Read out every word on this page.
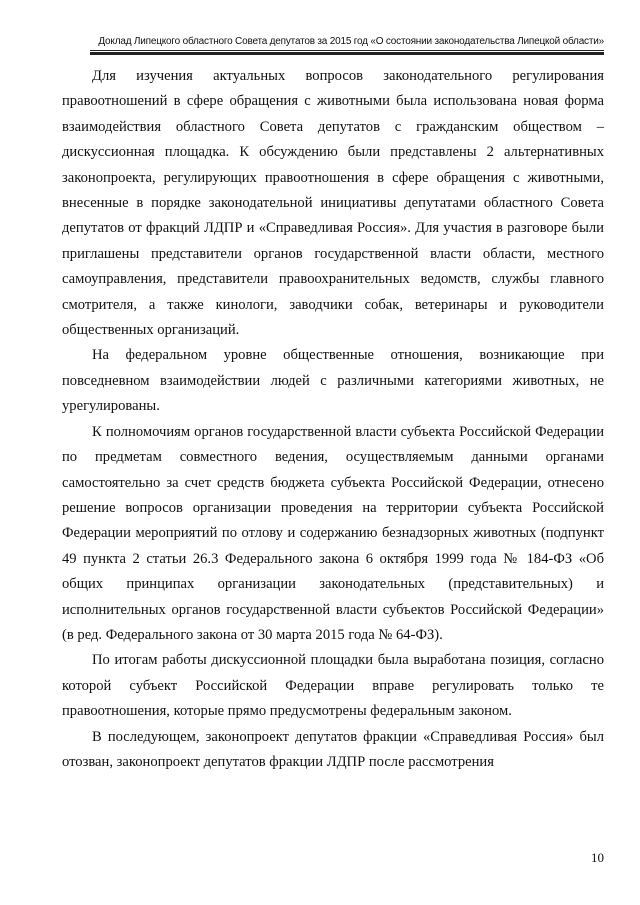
Доклад Липецкого областного Совета депутатов за 2015 год «О состоянии законодательства Липецкой области»

Для изучения актуальных вопросов законодательного регулирования правоотношений в сфере обращения с животными была использована новая форма взаимодействия областного Совета депутатов с гражданским обществом – дискуссионная площадка. К обсуждению были представлены 2 альтернативных законопроекта, регулирующих правоотношения в сфере обращения с животными, внесенные в порядке законодательной инициативы депутатами областного Совета депутатов от фракций ЛДПР и «Справедливая Россия». Для участия в разговоре были приглашены представители органов государственной власти области, местного самоуправления, представители правоохранительных ведомств, службы главного смотрителя, а также кинологи, заводчики собак, ветеринары и руководители общественных организаций.

На федеральном уровне общественные отношения, возникающие при повседневном взаимодействии людей с различными категориями животных, не урегулированы.

К полномочиям органов государственной власти субъекта Российской Федерации по предметам совместного ведения, осуществляемым данными органами самостоятельно за счет средств бюджета субъекта Российской Федерации, отнесено решение вопросов организации проведения на территории субъекта Российской Федерации мероприятий по отлову и содержанию безнадзорных животных (подпункт 49 пункта 2 статьи 26.3 Федерального закона 6 октября 1999 года № 184-ФЗ «Об общих принципах организации законодательных (представительных) и исполнительных органов государственной власти субъектов Российской Федерации» (в ред. Федерального закона от 30 марта 2015 года № 64-ФЗ).

По итогам работы дискуссионной площадки была выработана позиция, согласно которой субъект Российской Федерации вправе регулировать только те правоотношения, которые прямо предусмотрены федеральным законом.

В последующем, законопроект депутатов фракции «Справедливая Россия» был отозван, законопроект депутатов фракции ЛДПР после рассмотрения

10
